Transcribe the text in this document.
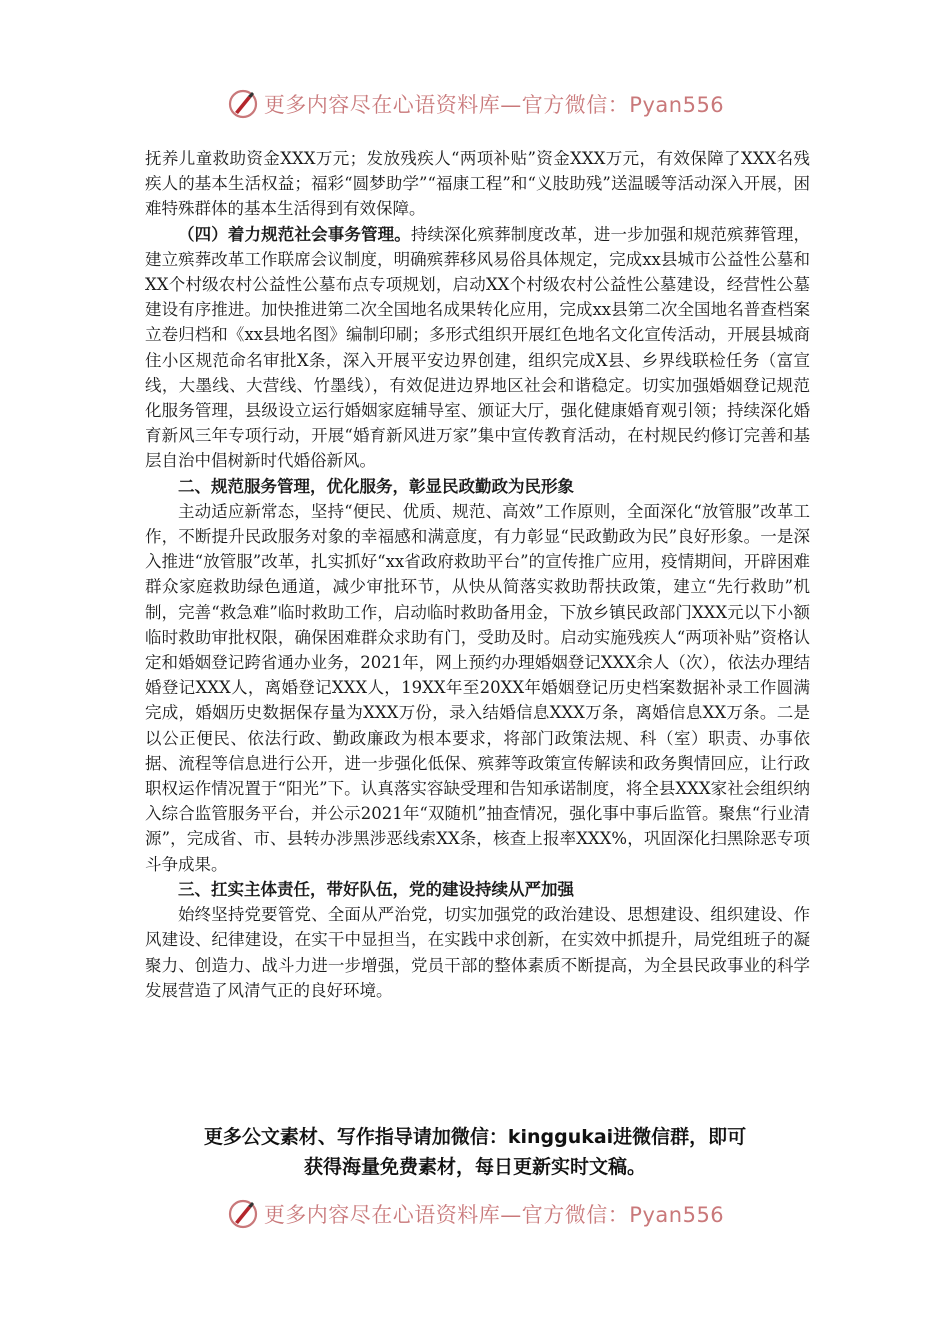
更多内容尽在心语资料库—官方微信：Pyan556

抚养儿童救助资金XXX万元；发放残疾人“两项补贴”资金XXX万元，有效保障了XXX名残疾人的基本生活权益；福彩“圆梦助学”“福康工程”和“义肢助残”送温暖等活动深入开展，困难特殊群体的基本生活得到有效保障。

（四）着力规范社会事务管理。持续深化殡葬制度改革，进一步加强和规范殡葬管理，建立殡葬改革工作联席会议制度，明确殡葬移风易俗具体规定，完成xx县城市公益性公墓和XX个村级农村公益性公墓布点专项规划，启动XX个村级农村公益性公墓建设，经营性公墓建设有序推进。加快推进第二次全国地名成果转化应用，完成xx县第二次全国地名普查档案立卷归档和《xx县地名图》编制印刷；多形式组织开展红色地名文化宣传活动，开展县城商住小区规范命名审批X条，深入开展平安边界创建，组织完成X县、乡界线联检任务（富宣线，大墨线、大营线、竹墨线），有效促进边界地区社会和谐稳定。切实加强婚姻登记规范化服务管理，县级设立运行婚姻家庭辅导室、颁证大厅，强化健康婚育观引领；持续深化婚育新风三年专项行动，开展“婚育新风进万家”集中宣传教育活动，在村规民约修订完善和基层自治中倡树新时代婚俗新风。

二、规范服务管理，优化服务，彰显民政勤政为民形象

主动适应新常态，坚持“便民、优质、规范、高效”工作原则，全面深化“放管服”改革工作，不断提升民政服务对象的幸福感和满意度，有力彰显“民政勤政为民”良好形象。一是深入推进“放管服”改革，扎实抓好“xx省政府救助平台”的宣传推广应用，疫情期间，开辟困难群众家庭救助绿色通道，减少审批环节，从快从简落实救助帮扶政策，建立“先行救助”机制，完善“救急难”临时救助工作，启动临时救助备用金，下放乡镇民政部门XXX元以下小额临时救助审批权限，确保困难群众求助有门，受助及时。启动实施残疾人“两项补贴”资格认定和婚姻登记跨省通办业务，2021年，网上预约办理婚姻登记XXX余人（次），依法办理结婚登记XXX人，离婚登记XXX人，19XX年至20XX年婚姻登记历史档案数据补录工作圆满完成，婚姻历史数据保存量为XXX万份，录入结婚信息XXX万条，离婚信息XX万条。二是以公正便民、依法行政、勤政廉政为根本要求，将部门政策法规、科（室）职责、办事依据、流程等信息进行公开，进一步强化低保、殡葬等政策宣传解读和政务舆情回应，让行政职权运作情况置于“阳光”下。认真落实容缺受理和告知承诺制度，将全县XXX家社会组织纳入综合监管服务平台，并公示2021年“双随机”抽查情况，强化事中事后监管。聚焦“行业清源”，完成省、市、县转办涉黑涉恶线索XX条，核查上报率XXX%，巩固深化扫黑除恶专项斗争成果。

三、扛实主体责任，带好队伍，党的建设持续从严加强

始终坚持党要管党、全面从严治党，切实加强党的政治建设、思想建设、组织建设、作风建设、纪律建设，在实干中显担当，在实践中求创新，在实效中抓提升，局党组班子的凝聚力、创造力、战斗力进一步增强，党员干部的整体素质不断提高，为全县民政事业的科学发展营造了风清气正的良好环境。

更多公文素材、写作指导请加微信：kinggukai进微信群，即可
获得海量免费素材，每日更新实时文稿。
更多内容尽在心语资料库—官方微信：Pyan556
